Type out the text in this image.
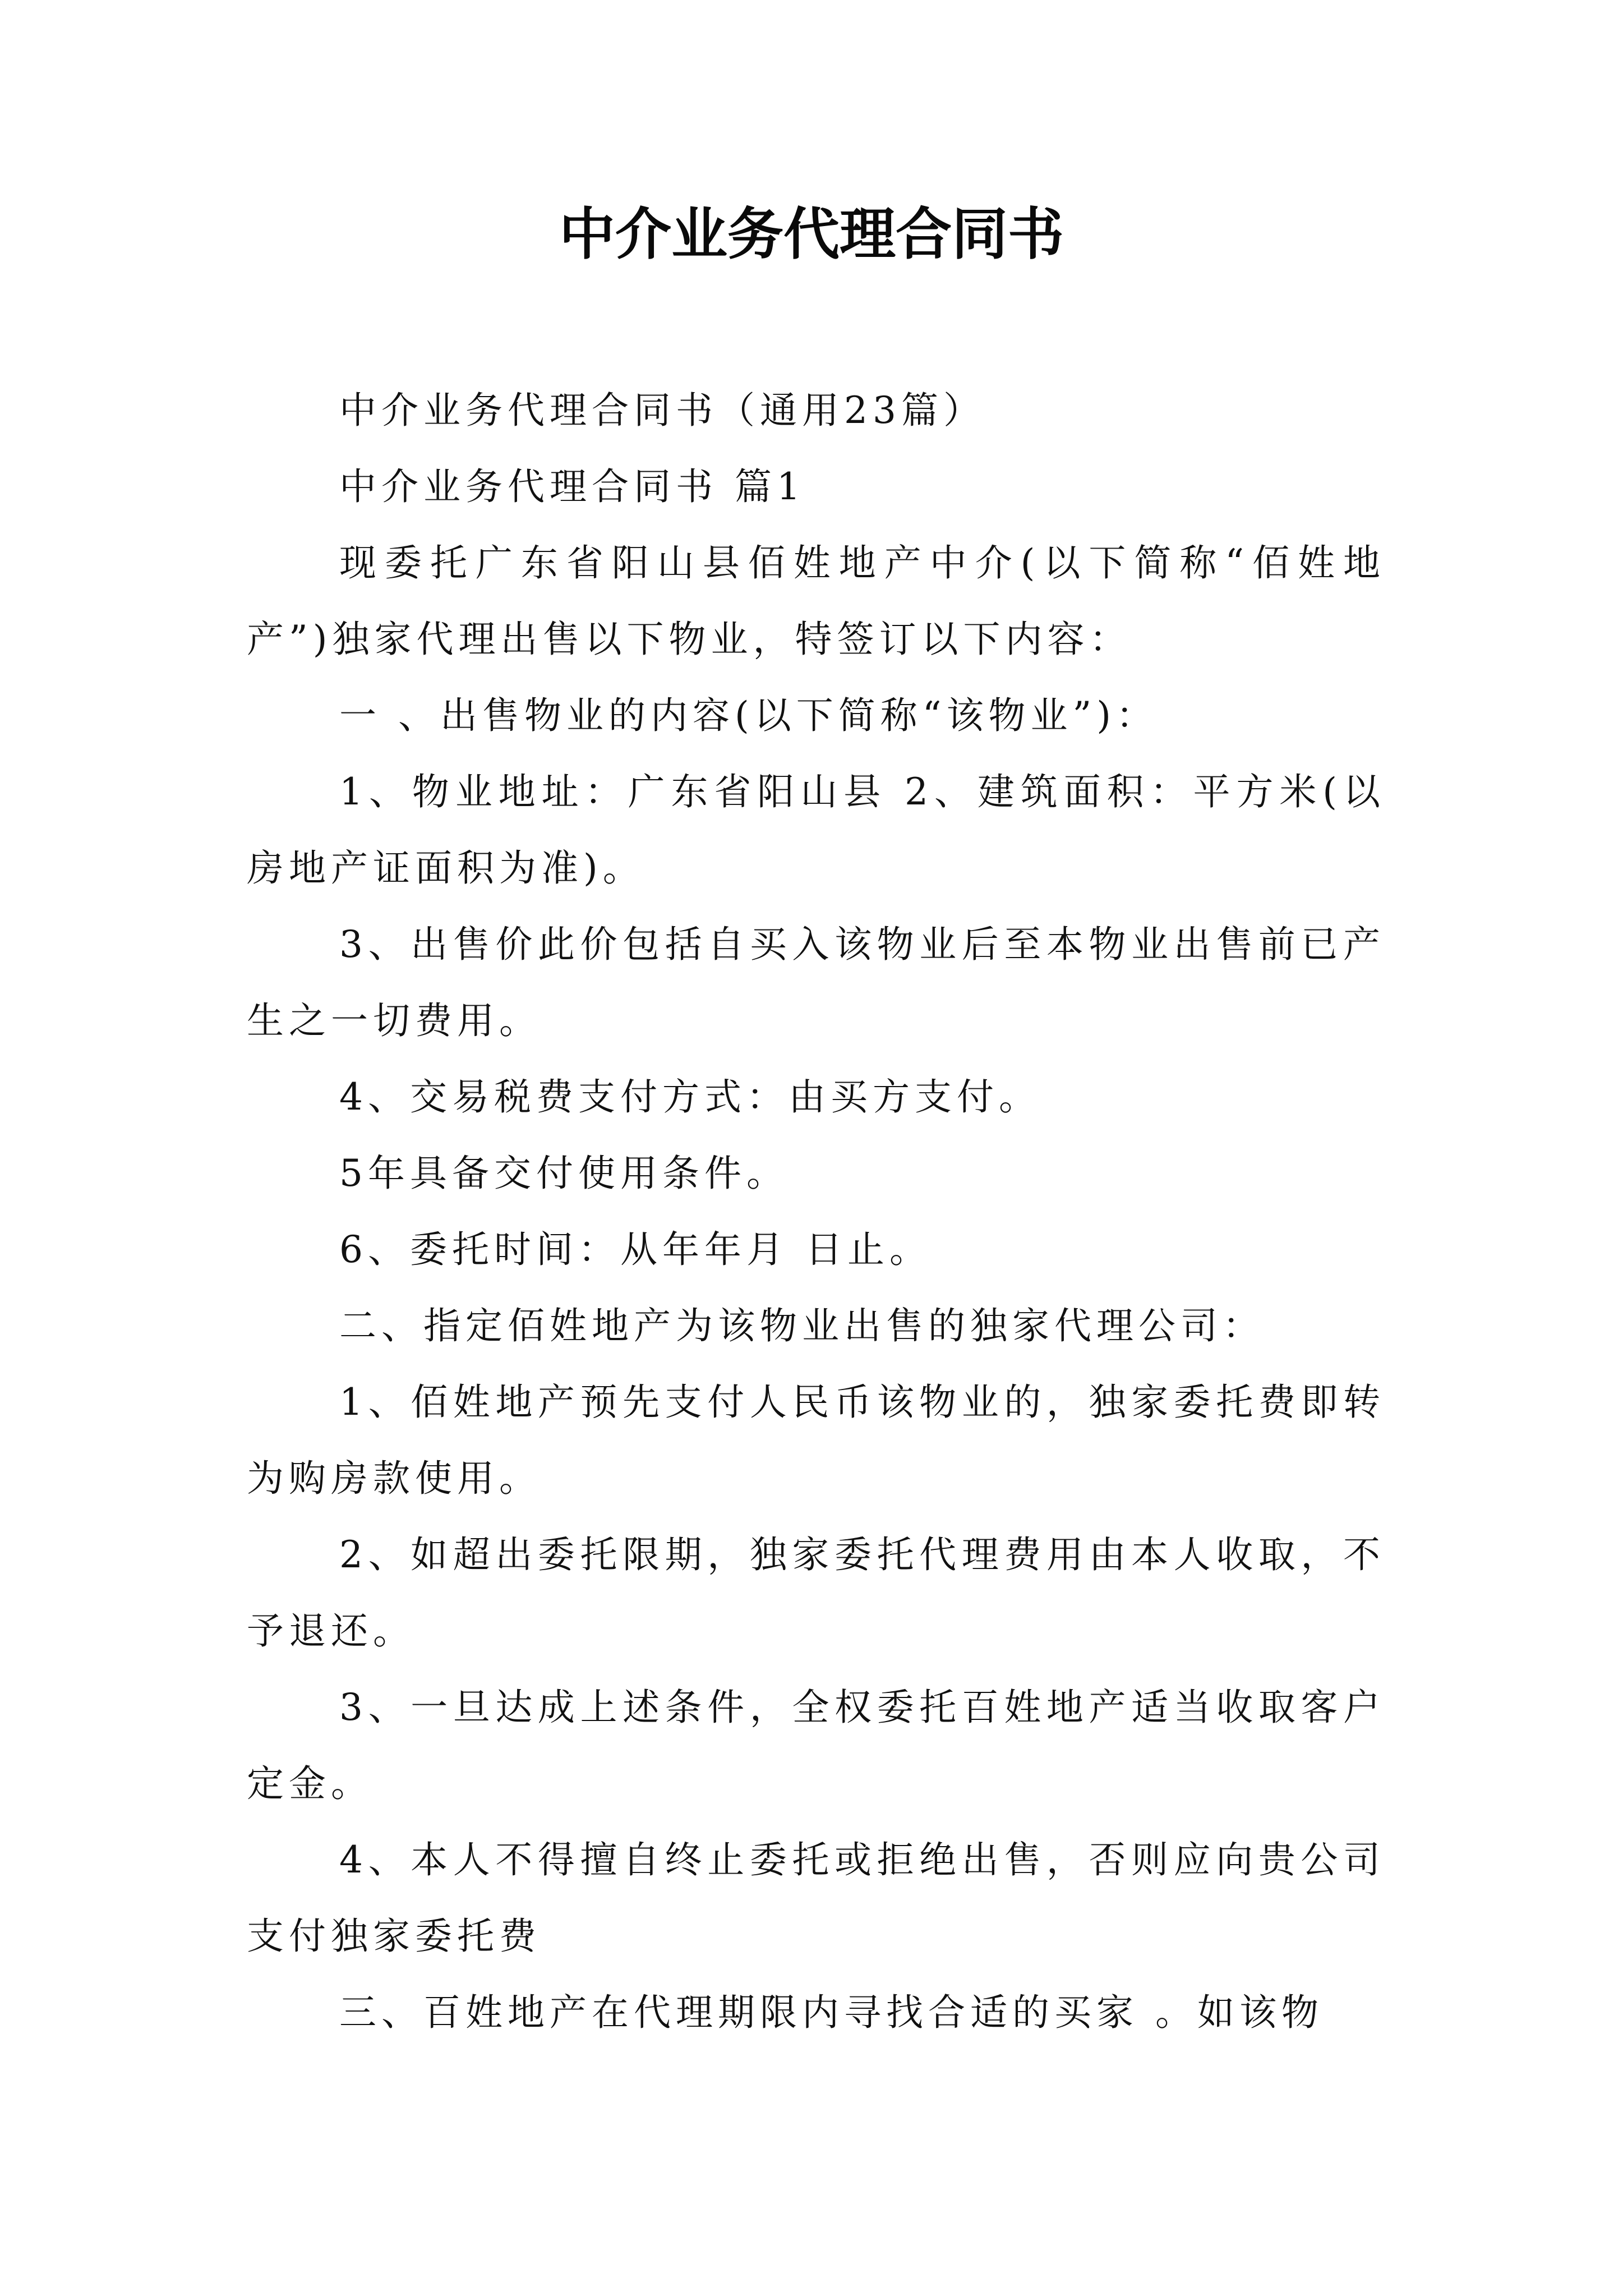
中介业务代理合同书

中介业务代理合同书（通用23篇）

中介业务代理合同书 篇1

现委托广东省阳山县佰姓地产中介(以下简称“佰姓地产”)独家代理出售以下物业，特签订以下内容：

一 、出售物业的内容(以下简称“该物业”)：

1、物业地址：广东省阳山县 2、建筑面积：平方米(以房地产证面积为准)。

3、出售价此价包括自买入该物业后至本物业出售前已产生之一切费用。

4、交易税费支付方式：由买方支付。

5年具备交付使用条件。

6、委托时间：从年年月 日止。

二、指定佰姓地产为该物业出售的独家代理公司：

1、佰姓地产预先支付人民币该物业的，独家委托费即转为购房款使用。

2、如超出委托限期，独家委托代理费用由本人收取，不予退还。

3、一旦达成上述条件，全权委托百姓地产适当收取客户定金。

4、本人不得擅自终止委托或拒绝出售，否则应向贵公司支付独家委托费

三、百姓地产在代理期限内寻找合适的买家 。如该物
